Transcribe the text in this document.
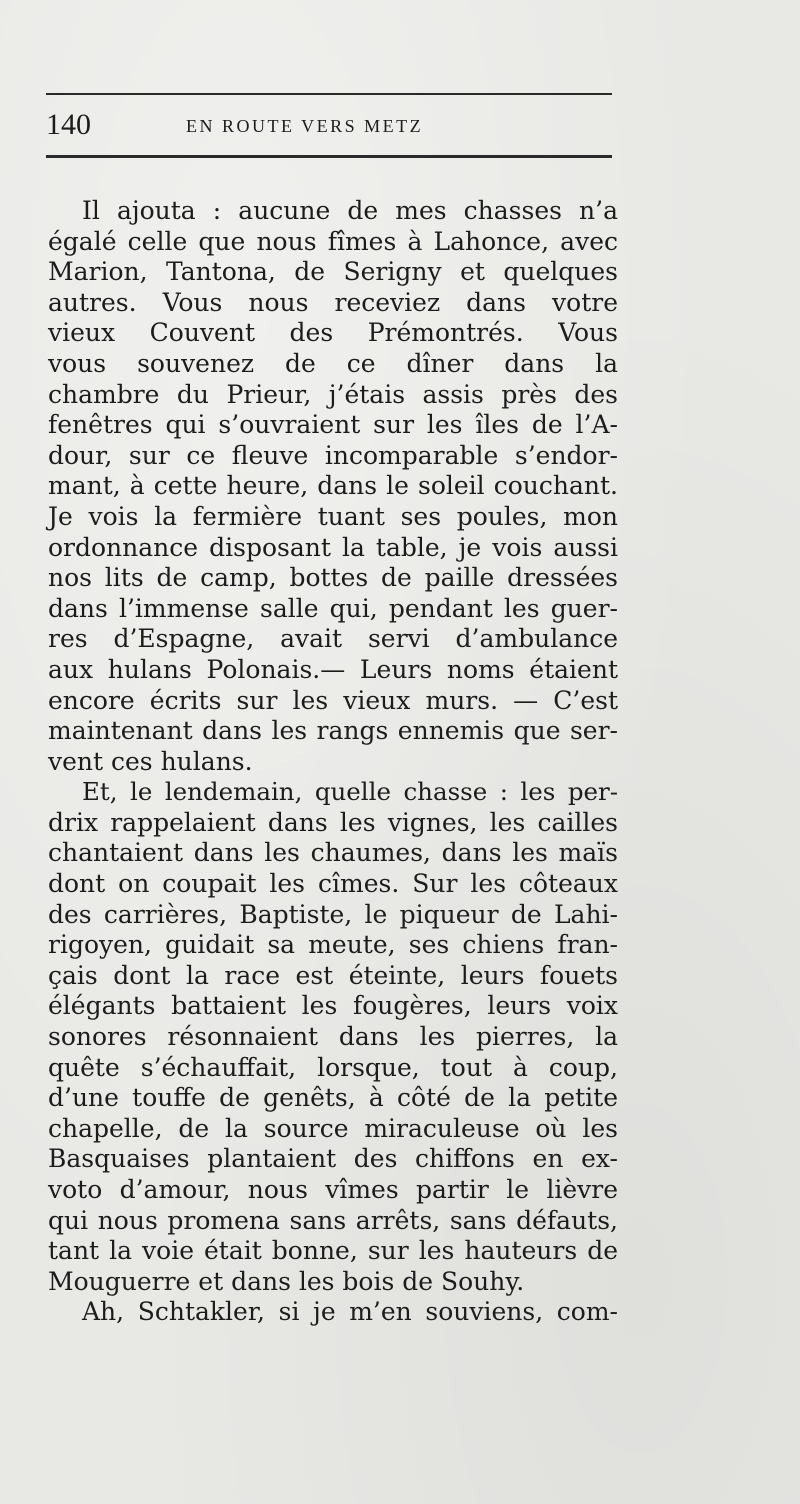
140	EN ROUTE VERS METZ
Il ajouta : aucune de mes chasses n’a
égalé celle que nous fîmes à Lahonce, avec
Marion, Tantona, de Serigny et quelques
autres. Vous nous receviez dans votre
vieux Couvent des Prémontrés. Vous
vous souvenez de ce dîner dans la
chambre du Prieur, j’étais assis près des
fenêtres qui s’ouvraient sur les îles de l’A-
dour, sur ce fleuve incomparable s’endor-
mant, à cette heure, dans le soleil couchant.
Je vois la fermière tuant ses poules, mon
ordonnance disposant la table, je vois aussi
nos lits de camp, bottes de paille dressées
dans l’immense salle qui, pendant les guer-
res d’Espagne, avait servi d’ambulance
aux hulans Polonais.— Leurs noms étaient
encore écrits sur les vieux murs. — C’est
maintenant dans les rangs ennemis que ser-
vent ces hulans.
Et, le lendemain, quelle chasse : les per-
drix rappelaient dans les vignes, les cailles
chantaient dans les chaumes, dans les maïs
dont on coupait les cîmes. Sur les côteaux
des carrières, Baptiste, le piqueur de Lahi-
rigoyen, guidait sa meute, ses chiens fran-
çais dont la race est éteinte, leurs fouets
élégants battaient les fougères, leurs voix
sonores résonnaient dans les pierres, la
quête s’échauffait, lorsque, tout à coup,
d’une touffe de genêts, à côté de la petite
chapelle, de la source miraculeuse où les
Basquaises plantaient des chiffons en ex-
voto d’amour, nous vîmes partir le lièvre
qui nous promena sans arrêts, sans défauts,
tant la voie était bonne, sur les hauteurs de
Mouguerre et dans les bois de Souhy.
Ah, Schtakler, si je m’en souviens, com-
